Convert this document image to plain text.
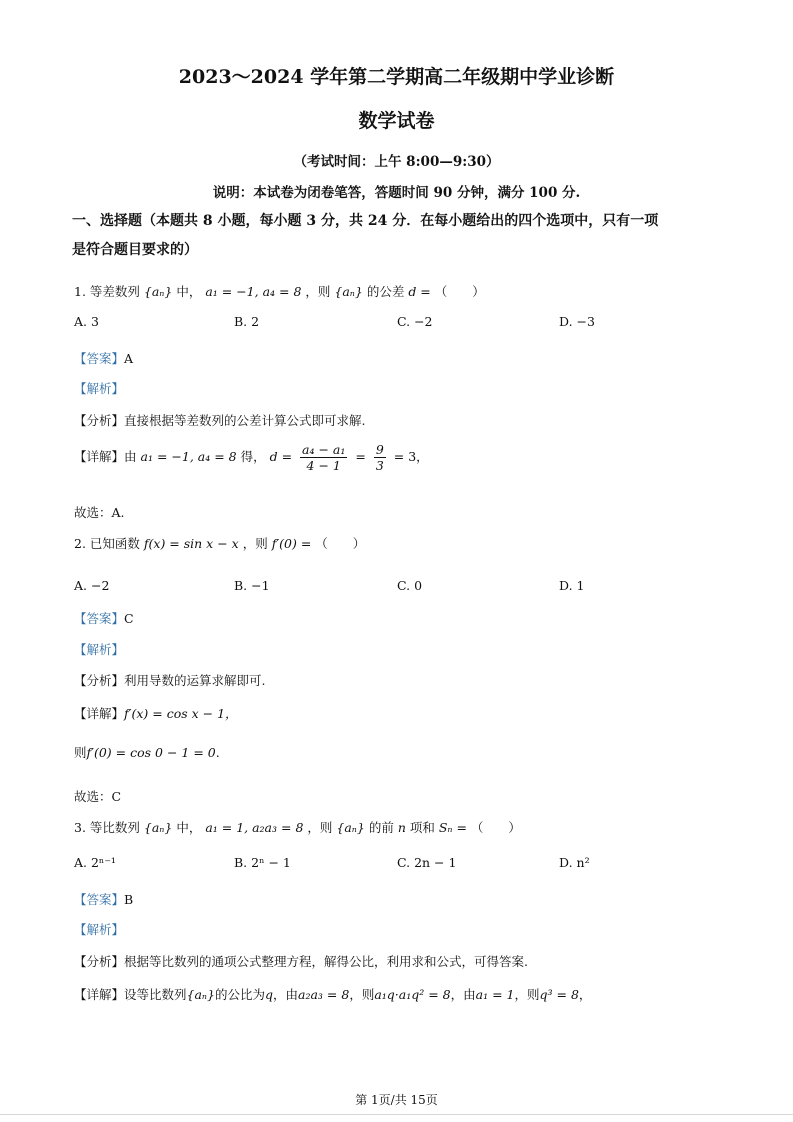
2023～2024 学年第二学期高二年级期中学业诊断
数学试卷
（考试时间：上午 8:00—9:30）
说明：本试卷为闭卷笔答，答题时间 90 分钟，满分 100 分.
一、选择题（本题共 8 小题，每小题 3 分，共 24 分．在每小题给出的四个选项中，只有一项
是符合题目要求的）
1. 等差数列 {aₙ} 中， a₁ = −1, a₄ = 8 ，则 {aₙ} 的公差 d = （　　）
A. 3	B. 2	C. −2	D. −3
【答案】A
【解析】
【分析】直接根据等差数列的公差计算公式即可求解.
【详解】由 a₁ = −1, a₄ = 8 得， $d = \frac{\text{a₄ − a₁}}{4 - 1} = \frac{9}{3} = 3$，
故选：A.
2. 已知函数 f(x) = sin x − x ，则 f′(0) = （　　）
A. −2	B. −1	C. 0	D. 1
【答案】C
【解析】
【分析】利用导数的运算求解即可.
【详解】f′(x) = cos x − 1，
则f′(0) = cos 0 − 1 = 0.
故选：C
3. 等比数列 {aₙ} 中， a₁ = 1, a₂a₃ = 8 ，则 {aₙ} 的前 n 项和 Sₙ = （　　）
A. 2ⁿ⁻¹	B. 2ⁿ − 1	C. 2n − 1	D. n²
【答案】B
【解析】
【分析】根据等比数列的通项公式整理方程，解得公比，利用求和公式，可得答案.
【详解】设等比数列{aₙ}的公比为q，由a₂a₃ = 8，则a₁q·a₁q² = 8，由a₁ = 1，则q³ = 8，
第 1页/共 15页
